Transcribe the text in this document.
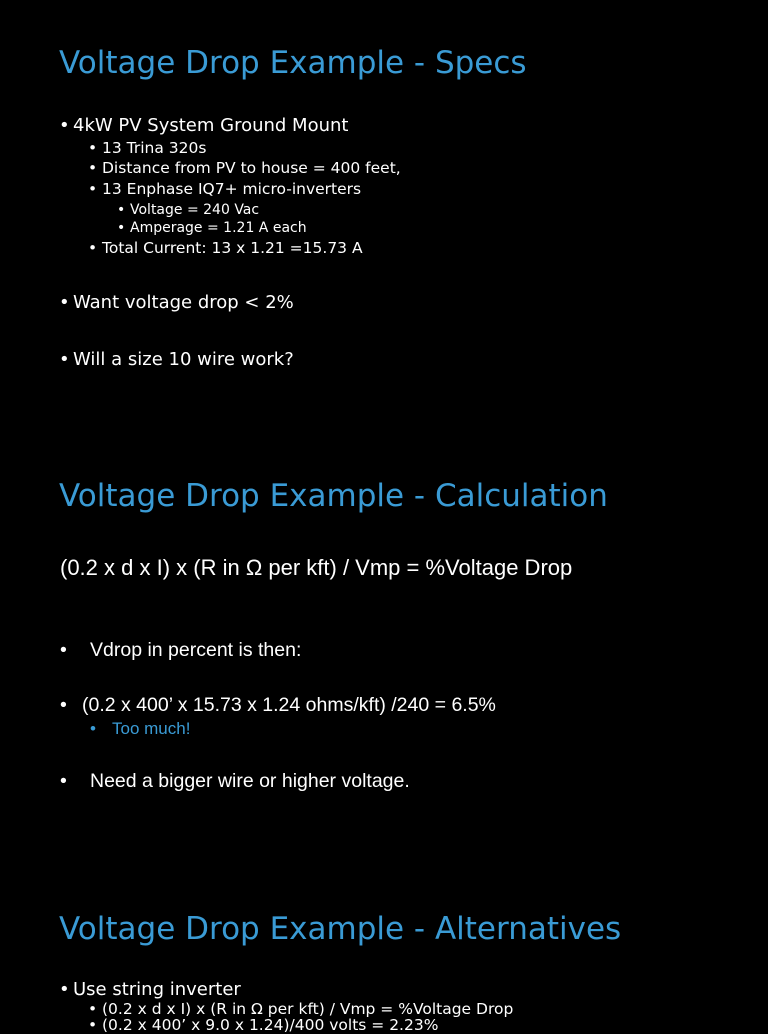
Voltage Drop Example - Specs
• 4kW PV System Ground Mount
• 13 Trina 320s
• Distance from PV to house = 400 feet,
• 13 Enphase IQ7+ micro-inverters
• Voltage = 240 Vac
• Amperage = 1.21 A each
• Total Current: 13 x 1.21 =15.73 A
• Want voltage drop < 2%
• Will a size 10 wire work?
Voltage Drop Example - Calculation
(0.2 x d x I) x (R in Ω per kft) / Vmp = %Voltage Drop
• Vdrop in percent is then:
• (0.2 x 400’ x 15.73 x 1.24 ohms/kft) /240 = 6.5%
• Too much!
• Need a bigger wire or higher voltage.
Voltage Drop Example - Alternatives
• Use string inverter
• (0.2 x d x I) x (R in Ω per kft) / Vmp = %Voltage Drop
• (0.2 x 400’ x 9.0 x 1.24)/400 volts = 2.23%
